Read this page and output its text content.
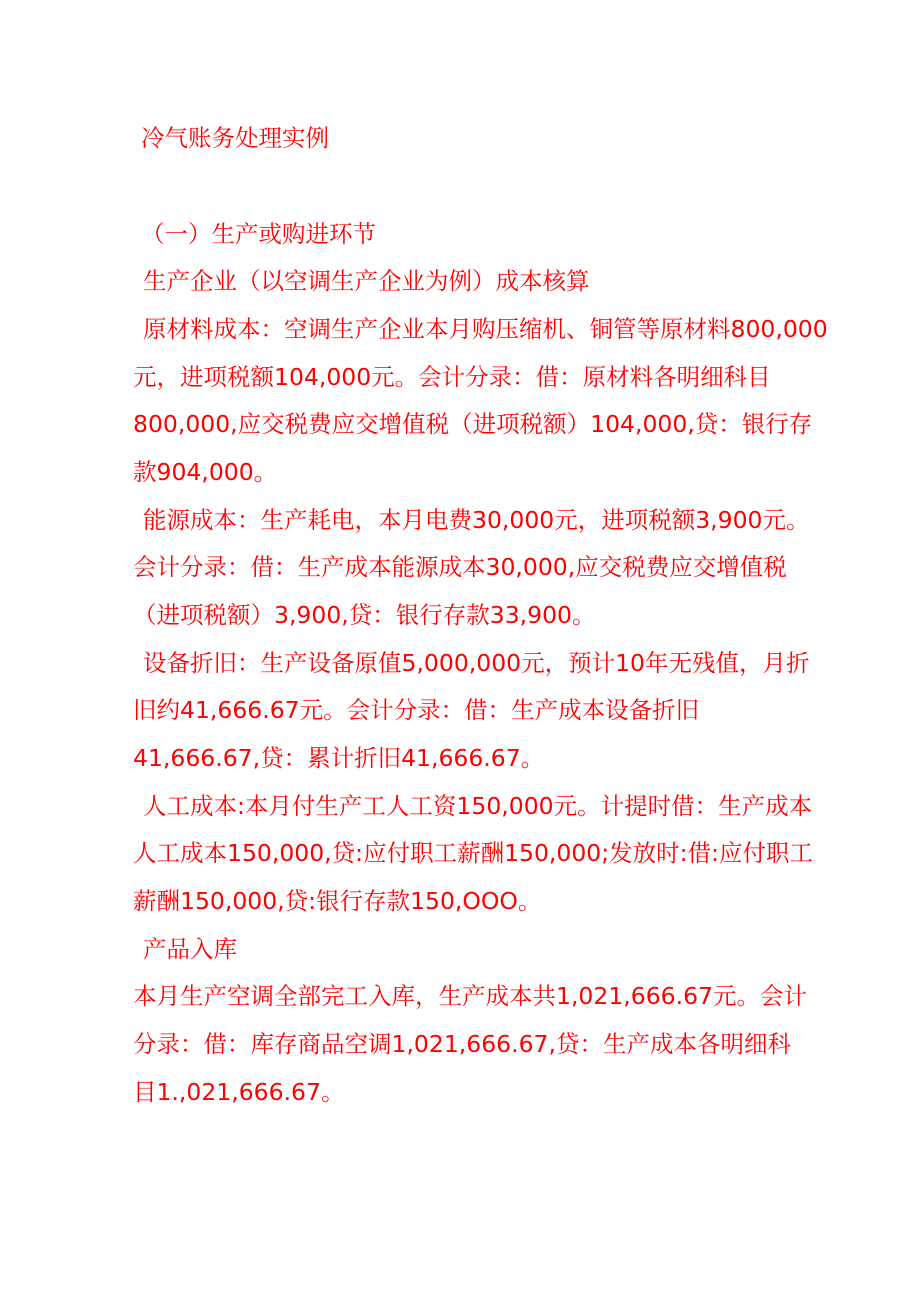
冷气账务处理实例
（一）生产或购进环节
生产企业（以空调生产企业为例）成本核算
原材料成本：空调生产企业本月购压缩机、铜管等原材料800,000
元，进项税额104,000元。会计分录：借：原材料各明细科目
800,000,应交税费应交增值税（进项税额）104,000,贷：银行存
款904,000。
能源成本：生产耗电，本月电费30,000元，进项税额3,900元。
会计分录：借：生产成本能源成本30,000,应交税费应交增值税
（进项税额）3,900,贷：银行存款33,900。
设备折旧：生产设备原值5,000,000元，预计10年无残值，月折
旧约41,666.67元。会计分录：借：生产成本设备折旧
41,666.67,贷：累计折旧41,666.67。
人工成本:本月付生产工人工资150,000元。计提时借：生产成本
人工成本150,000,贷:应付职工薪酬150,000;发放时:借:应付职工
薪酬150,000,贷:银行存款150,OOO。
产品入库
本月生产空调全部完工入库，生产成本共1,021,666.67元。会计
分录：借：库存商品空调1,021,666.67,贷：生产成本各明细科
目1.,021,666.67。
